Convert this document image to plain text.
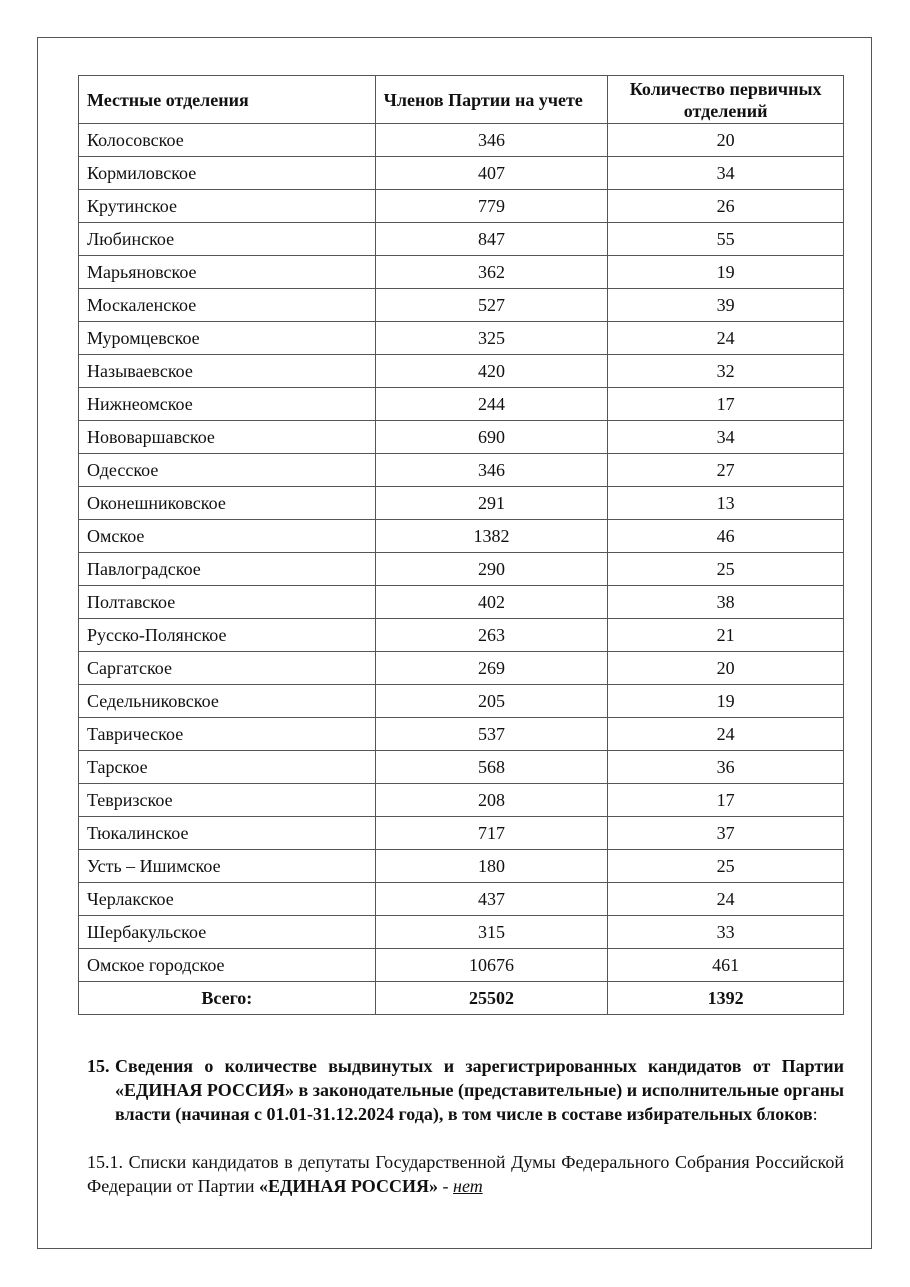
Местные отделения	Членов Партии на учете	Количество первичных отделений
Колосовское	346	20
Кормиловское	407	34
Крутинское	779	26
Любинское	847	55
Марьяновское	362	19
Москаленское	527	39
Муромцевское	325	24
Называевское	420	32
Нижнеомское	244	17
Нововаршавское	690	34
Одесское	346	27
Оконешниковское	291	13
Омское	1382	46
Павлоградское	290	25
Полтавское	402	38
Русско-Полянское	263	21
Саргатское	269	20
Седельниковское	205	19
Таврическое	537	24
Тарское	568	36
Тевризское	208	17
Тюкалинское	717	37
Усть – Ишимское	180	25
Черлакское	437	24
Шербакульское	315	33
Омское городское	10676	461
Всего:	25502	1392
15. Сведения о количестве выдвинутых и зарегистрированных кандидатов от Партии «ЕДИНАЯ РОССИЯ» в законодательные (представительные) и исполнительные органы власти (начиная с 01.01-31.12.2024 года), в том числе в составе избирательных блоков:
15.1. Списки кандидатов в депутаты Государственной Думы Федерального Собрания Российской Федерации от Партии «ЕДИНАЯ РОССИЯ» - нет
